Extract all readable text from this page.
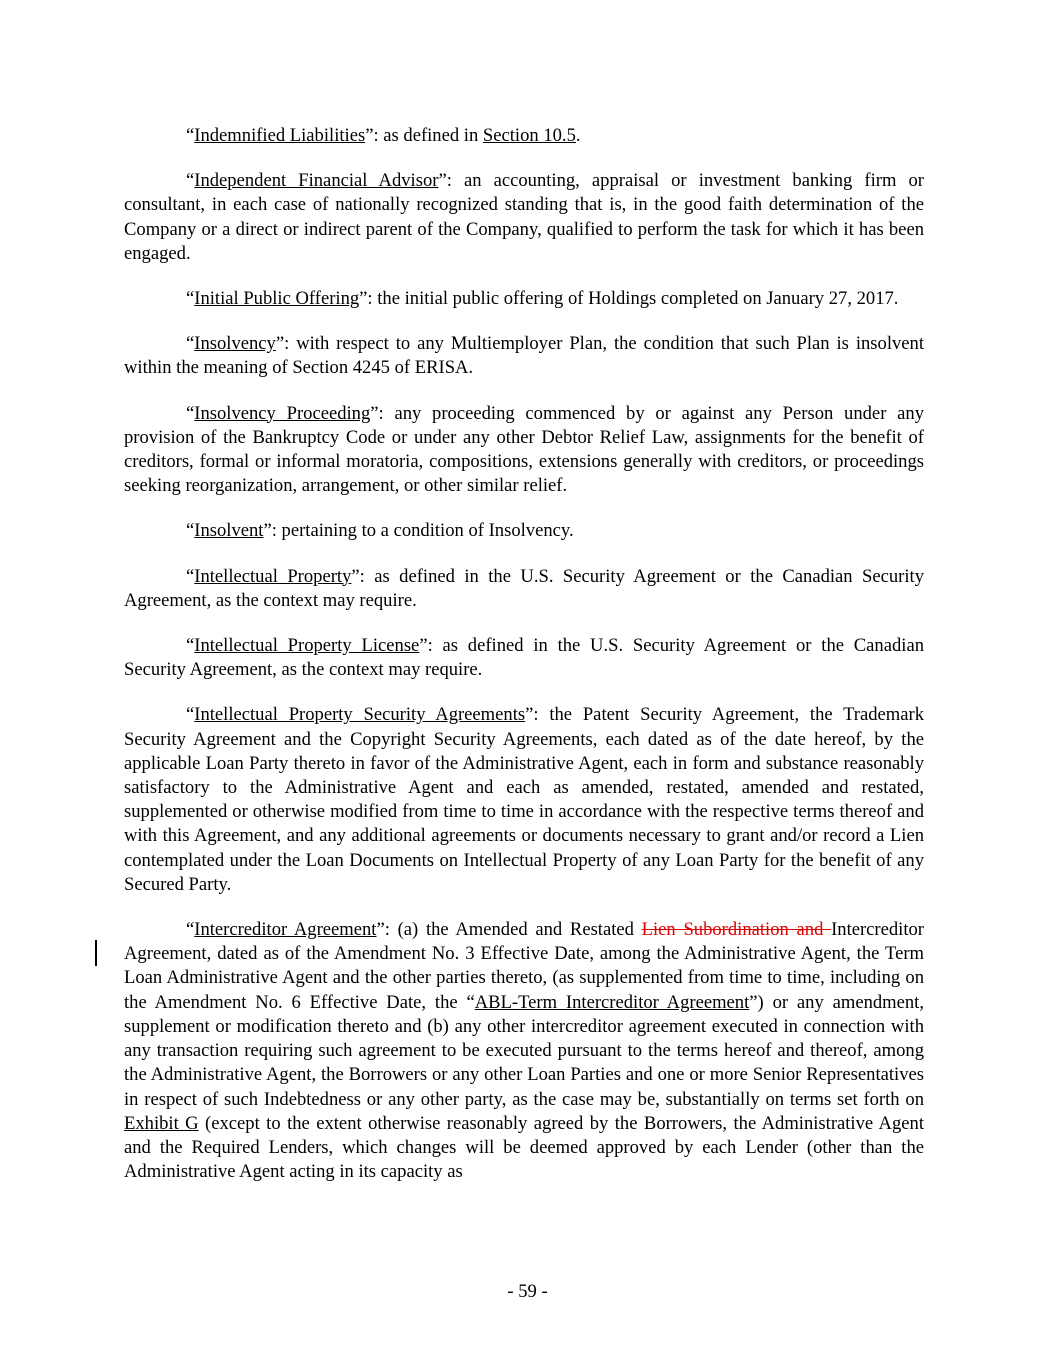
“Indemnified Liabilities”: as defined in Section 10.5.

“Independent Financial Advisor”: an accounting, appraisal or investment banking firm or consultant, in each case of nationally recognized standing that is, in the good faith determination of the Company or a direct or indirect parent of the Company, qualified to perform the task for which it has been engaged.

“Initial Public Offering”: the initial public offering of Holdings completed on January 27, 2017.

“Insolvency”: with respect to any Multiemployer Plan, the condition that such Plan is insolvent within the meaning of Section 4245 of ERISA.

“Insolvency Proceeding”: any proceeding commenced by or against any Person under any provision of the Bankruptcy Code or under any other Debtor Relief Law, assignments for the benefit of creditors, formal or informal moratoria, compositions, extensions generally with creditors, or proceedings seeking reorganization, arrangement, or other similar relief.

“Insolvent”: pertaining to a condition of Insolvency.

“Intellectual Property”: as defined in the U.S. Security Agreement or the Canadian Security Agreement, as the context may require.

“Intellectual Property License”: as defined in the U.S. Security Agreement or the Canadian Security Agreement, as the context may require.

“Intellectual Property Security Agreements”: the Patent Security Agreement, the Trademark Security Agreement and the Copyright Security Agreements, each dated as of the date hereof, by the applicable Loan Party thereto in favor of the Administrative Agent, each in form and substance reasonably satisfactory to the Administrative Agent and each as amended, restated, amended and restated, supplemented or otherwise modified from time to time in accordance with the respective terms thereof and with this Agreement, and any additional agreements or documents necessary to grant and/or record a Lien contemplated under the Loan Documents on Intellectual Property of any Loan Party for the benefit of any Secured Party.

“Intercreditor Agreement”: (a) the Amended and Restated Lien Subordination and Intercreditor Agreement, dated as of the Amendment No. 3 Effective Date, among the Administrative Agent, the Term Loan Administrative Agent and the other parties thereto, (as supplemented from time to time, including on the Amendment No. 6 Effective Date, the “ABL-Term Intercreditor Agreement”) or any amendment, supplement or modification thereto and (b) any other intercreditor agreement executed in connection with any transaction requiring such agreement to be executed pursuant to the terms hereof and thereof, among the Administrative Agent, the Borrowers or any other Loan Parties and one or more Senior Representatives in respect of such Indebtedness or any other party, as the case may be, substantially on terms set forth on Exhibit G (except to the extent otherwise reasonably agreed by the Borrowers, the Administrative Agent and the Required Lenders, which changes will be deemed approved by each Lender (other than the Administrative Agent acting in its capacity as

- 59 -
